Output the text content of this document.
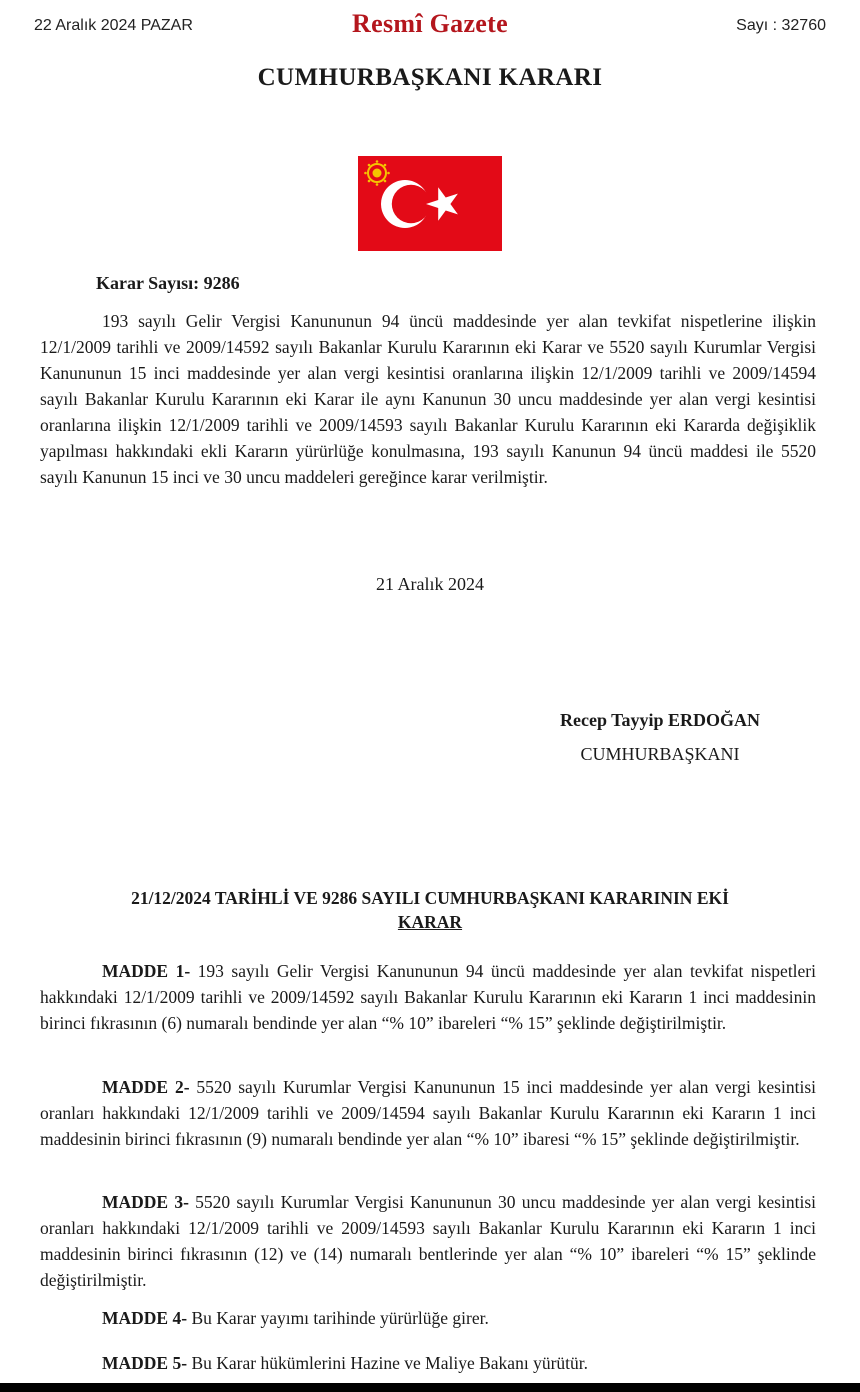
22 Aralık 2024 PAZAR	Resmî Gazete	Sayı : 32760
CUMHURBAŞKANI KARARI
Karar Sayısı: 9286

193 sayılı Gelir Vergisi Kanununun 94 üncü maddesinde yer alan tevkifat nispetlerine ilişkin 12/1/2009 tarihli ve 2009/14592 sayılı Bakanlar Kurulu Kararının eki Karar ve 5520 sayılı Kurumlar Vergisi Kanununun 15 inci maddesinde yer alan vergi kesintisi oranlarına ilişkin 12/1/2009 tarihli ve 2009/14594 sayılı Bakanlar Kurulu Kararının eki Karar ile aynı Kanunun 30 uncu maddesinde yer alan vergi kesintisi oranlarına ilişkin 12/1/2009 tarihli ve 2009/14593 sayılı Bakanlar Kurulu Kararının eki Kararda değişiklik yapılması hakkındaki ekli Kararın yürürlüğe konulmasına, 193 sayılı Kanunun 94 üncü maddesi ile 5520 sayılı Kanunun 15 inci ve 30 uncu maddeleri gereğince karar verilmiştir.

21 Aralık 2024
Recep Tayyip ERDOĞAN
CUMHURBAŞKANI
21/12/2024 TARİHLİ VE 9286 SAYILI CUMHURBAŞKANI KARARININ EKİ
KARAR

MADDE 1- 193 sayılı Gelir Vergisi Kanununun 94 üncü maddesinde yer alan tevkifat nispetleri hakkındaki 12/1/2009 tarihli ve 2009/14592 sayılı Bakanlar Kurulu Kararının eki Kararın 1 inci maddesinin birinci fıkrasının (6) numaralı bendinde yer alan “% 10” ibareleri “% 15” şeklinde değiştirilmiştir.

MADDE 2- 5520 sayılı Kurumlar Vergisi Kanununun 15 inci maddesinde yer alan vergi kesintisi oranları hakkındaki 12/1/2009 tarihli ve 2009/14594 sayılı Bakanlar Kurulu Kararının eki Kararın 1 inci maddesinin birinci fıkrasının (9) numaralı bendinde yer alan “% 10” ibaresi “% 15” şeklinde değiştirilmiştir.

MADDE 3- 5520 sayılı Kurumlar Vergisi Kanununun 30 uncu maddesinde yer alan vergi kesintisi oranları hakkındaki 12/1/2009 tarihli ve 2009/14593 sayılı Bakanlar Kurulu Kararının eki Kararın 1 inci maddesinin birinci fıkrasının (12) ve (14) numaralı bentlerinde yer alan “% 10” ibareleri “% 15” şeklinde değiştirilmiştir.

MADDE 4- Bu Karar yayımı tarihinde yürürlüğe girer.

MADDE 5- Bu Karar hükümlerini Hazine ve Maliye Bakanı yürütür.
